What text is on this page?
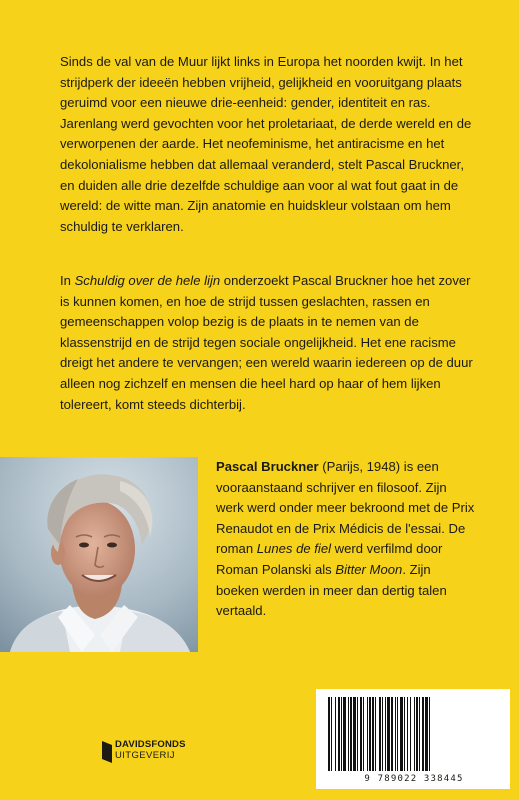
Sinds de val van de Muur lijkt links in Europa het noorden kwijt. In het strijdperk der ideeën hebben vrijheid, gelijkheid en vooruitgang plaats geruimd voor een nieuwe drie-eenheid: gender, identiteit en ras. Jarenlang werd gevochten voor het proletariaat, de derde wereld en de verworpenen der aarde. Het neofeminisme, het antiracisme en het dekolonialisme hebben dat allemaal veranderd, stelt Pascal Bruckner, en duiden alle drie dezelfde schuldige aan voor al wat fout gaat in de wereld: de witte man. Zijn anatomie en huidskleur volstaan om hem schuldig te verklaren.

In Schuldig over de hele lijn onderzoekt Pascal Bruckner hoe het zover is kunnen komen, en hoe de strijd tussen geslachten, rassen en gemeenschappen volop bezig is de plaats in te nemen van de klassenstrijd en de strijd tegen sociale ongelijkheid. Het ene racisme dreigt het andere te vervangen; een wereld waarin iedereen op de duur alleen nog zichzelf en mensen die heel hard op haar of hem lijken tolereert, komt steeds dichterbij.

Pascal Bruckner (Parijs, 1948) is een vooraanstaand schrijver en filosoof. Zijn werk werd onder meer bekroond met de Prix Renaudot en de Prix Médicis de l'essai. De roman Lunes de fiel werd verfilmd door Roman Polanski als Bitter Moon. Zijn boeken werden in meer dan dertig talen vertaald.

DAVIDSFONDS

UITGEVERIJ

9 789022 338445
